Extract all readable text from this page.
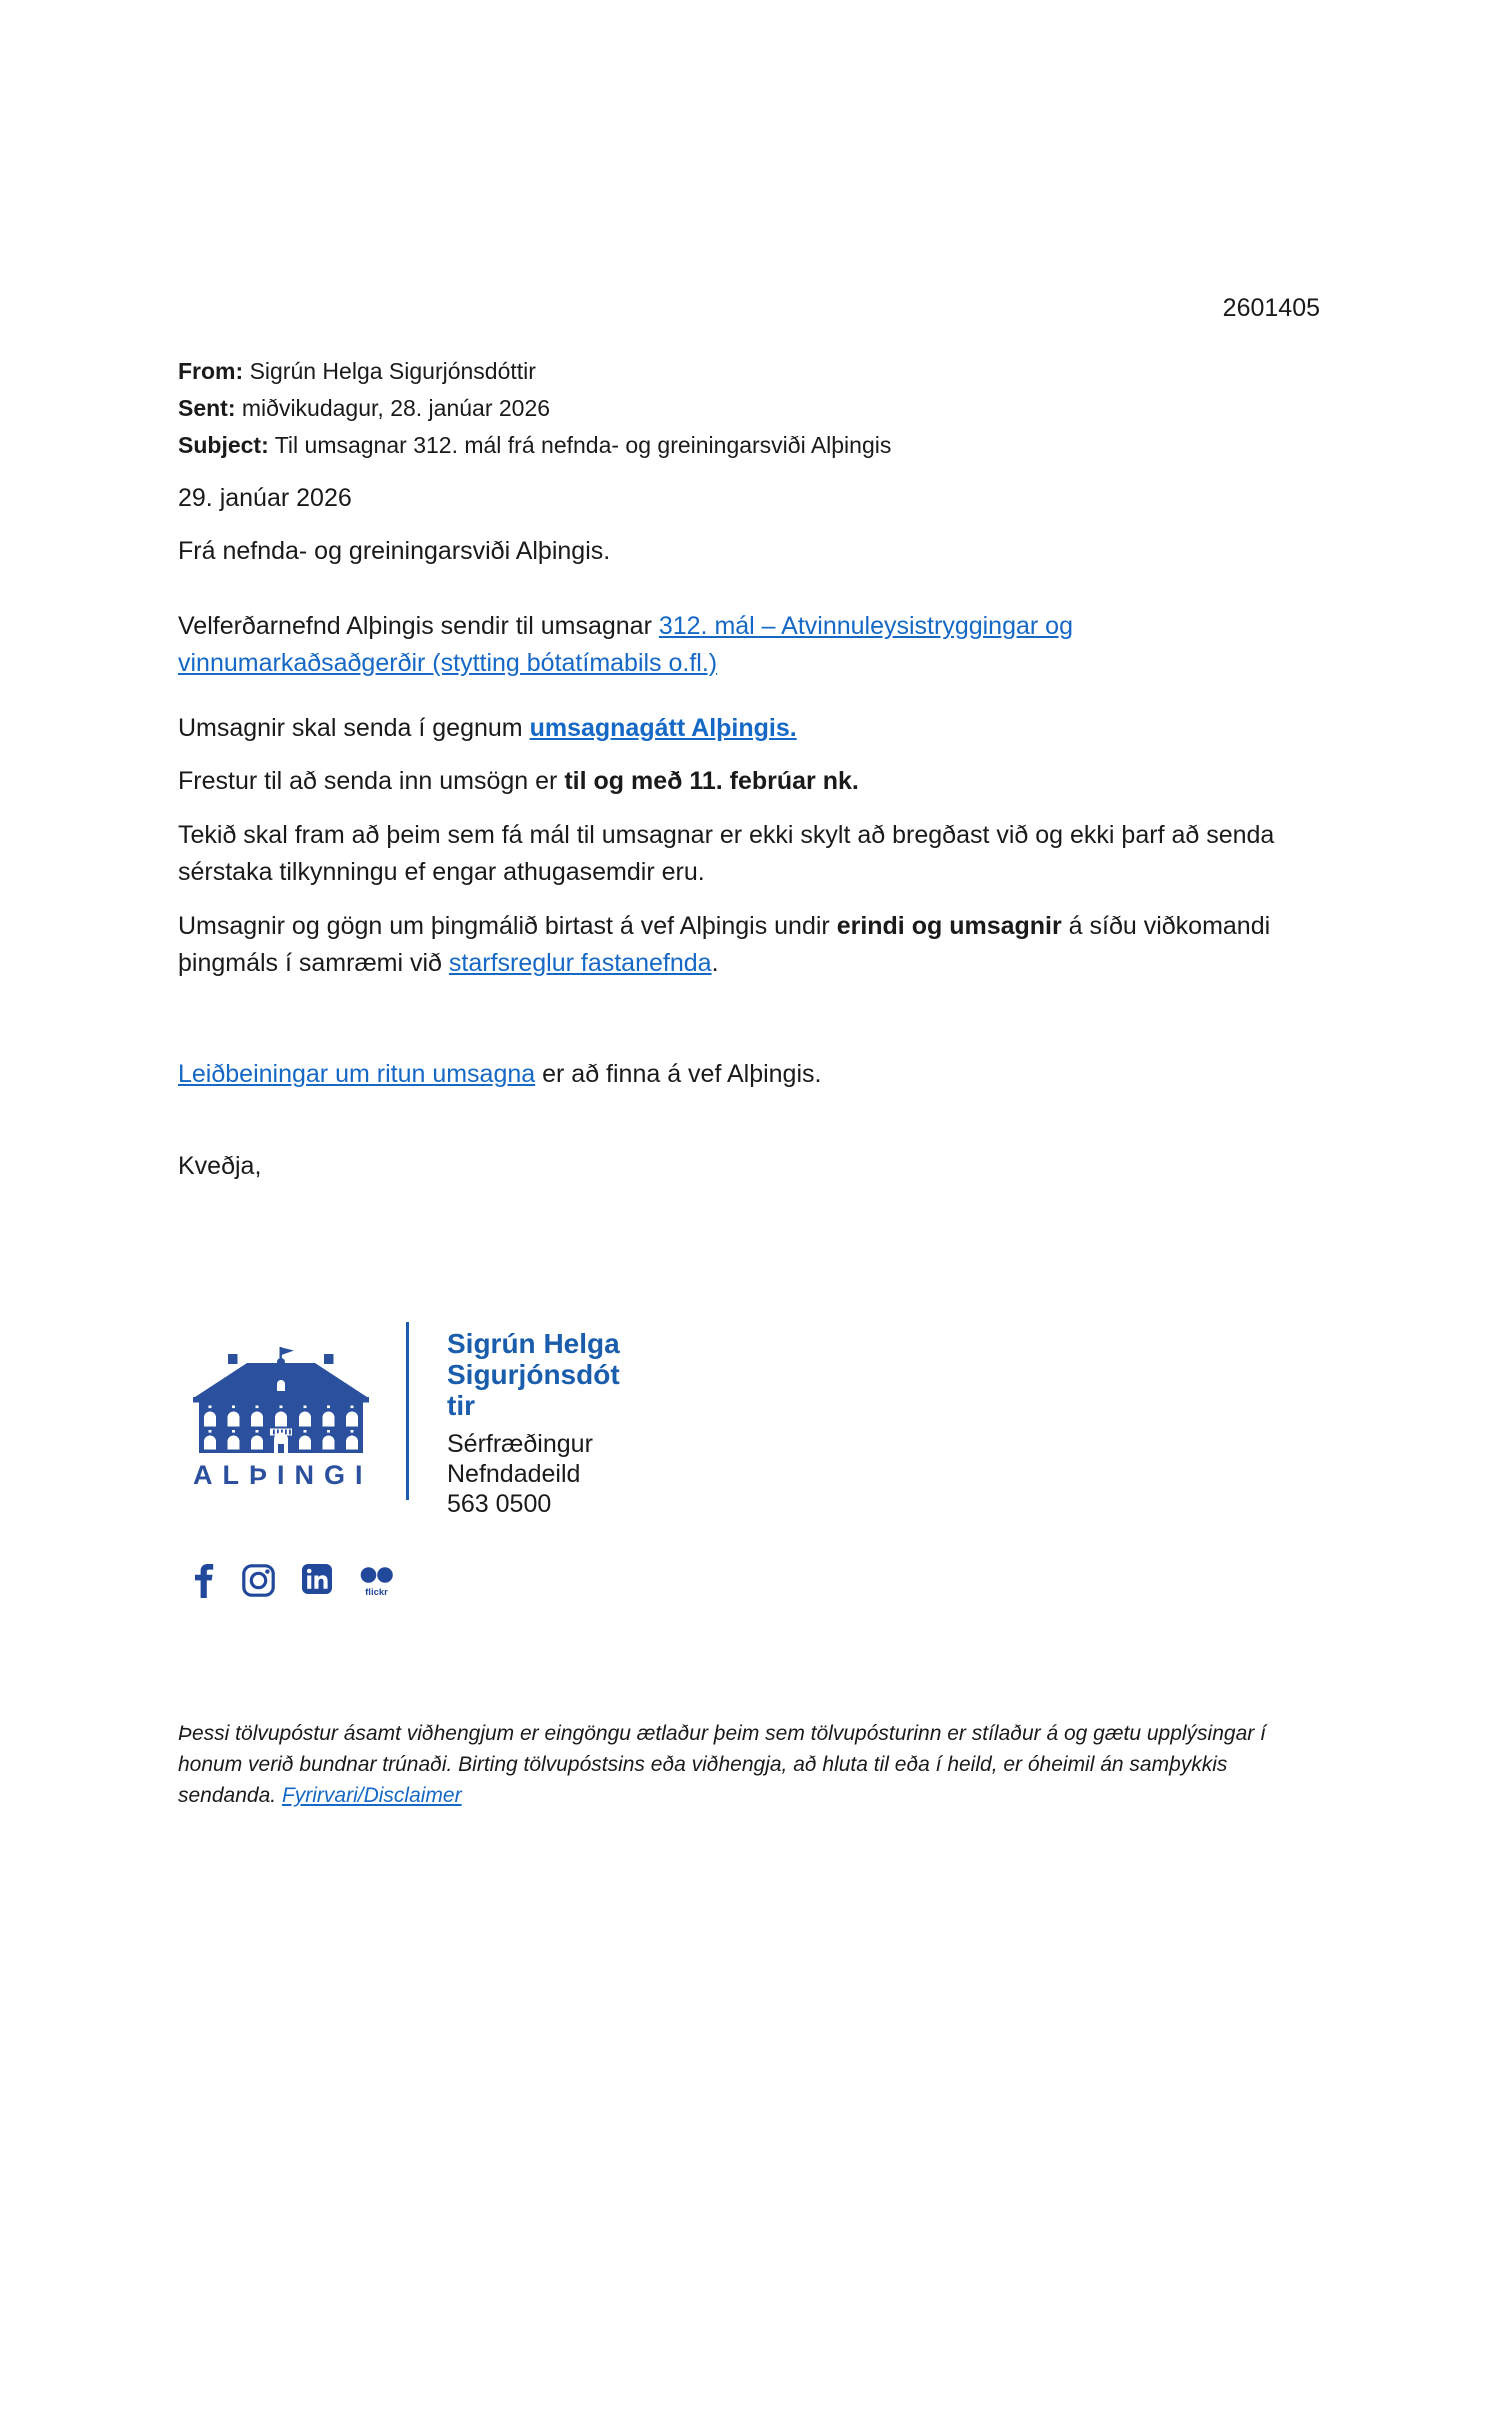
2601405
From: Sigrún Helga Sigurjónsdóttir
Sent: miðvikudagur, 28. janúar 2026
Subject: Til umsagnar 312. mál frá nefnda- og greiningarsviði Alþingis
29. janúar 2026

Frá nefnda- og greiningarsviði Alþingis.

Velferðarnefnd Alþingis sendir til umsagnar 312. mál – Atvinnuleysistryggingar og vinnumarkaðsaðgerðir (stytting bótatímabils o.fl.)

Umsagnir skal senda í gegnum umsagnagátt Alþingis.

Frestur til að senda inn umsögn er til og með 11. febrúar nk.

Tekið skal fram að þeim sem fá mál til umsagnar er ekki skylt að bregðast við og ekki þarf að senda sérstaka tilkynningu ef engar athugasemdir eru.

Umsagnir og gögn um þingmálið birtast á vef Alþingis undir erindi og umsagnir á síðu viðkomandi þingmáls í samræmi við starfsreglur fastanefnda.

Leiðbeiningar um ritun umsagna er að finna á vef Alþingis.

Kveðja,

ALÞINGI
Sigrún Helga Sigurjónsdót
tir
Sérfræðingur
Nefndadeild
563 0500
flickr

Þessi tölvupóstur ásamt viðhengjum er eingöngu ætlaður þeim sem tölvupósturinn er stílaður á og gætu upplýsingar í honum verið bundnar trúnaði. Birting tölvupóstsins eða viðhengja, að hluta til eða í heild, er óheimil án samþykkis sendanda. Fyrirvari/Disclaimer
